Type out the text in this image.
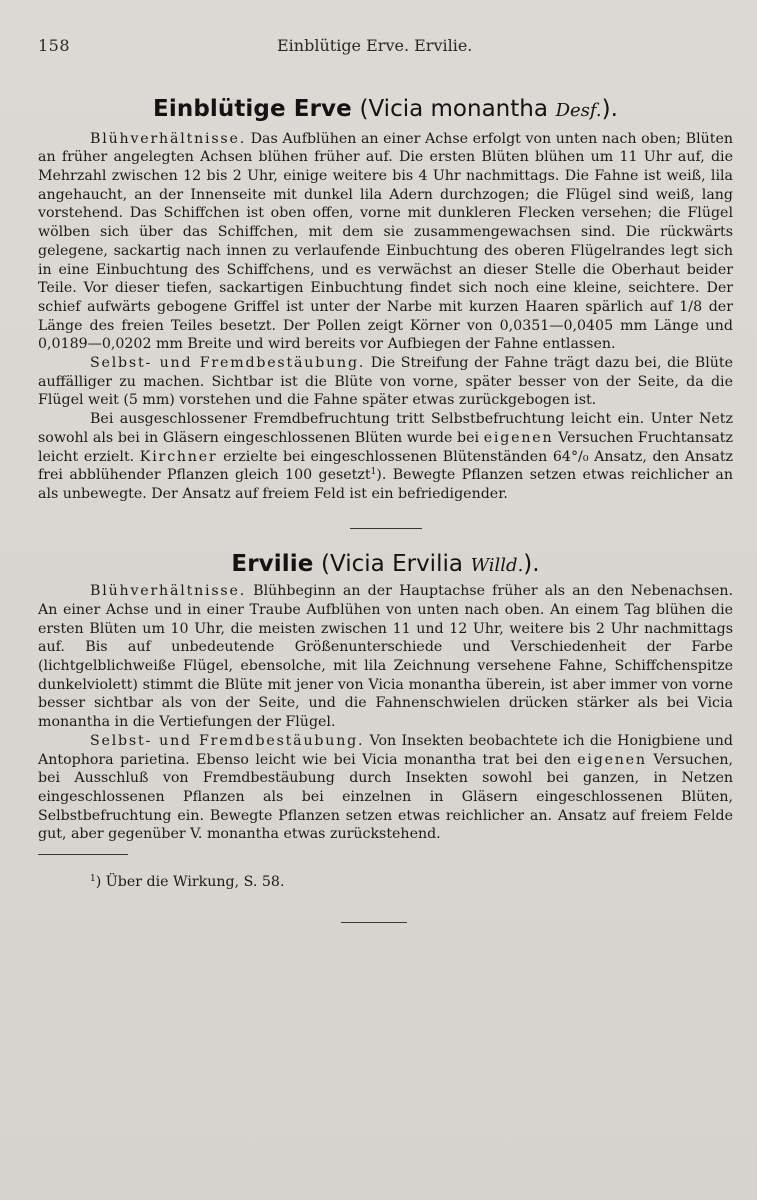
158	Einblütige Erve. Ervilie.
Einblütige Erve (Vicia monantha Desf.).

Blühverhältnisse. Das Aufblühen an einer Achse erfolgt von unten nach oben; Blüten an früher angelegten Achsen blühen früher auf. Die ersten Blüten blühen um 11 Uhr auf, die Mehrzahl zwischen 12 bis 2 Uhr, einige weitere bis 4 Uhr nachmittags. Die Fahne ist weiß, lila angehaucht, an der Innenseite mit dunkel lila Adern durchzogen; die Flügel sind weiß, lang vorstehend. Das Schiffchen ist oben offen, vorne mit dunkleren Flecken versehen; die Flügel wölben sich über das Schiffchen, mit dem sie zusammengewachsen sind. Die rückwärts gelegene, sackartig nach innen zu verlaufende Einbuchtung des oberen Flügelrandes legt sich in eine Einbuchtung des Schiffchens, und es verwächst an dieser Stelle die Oberhaut beider Teile. Vor dieser tiefen, sackartigen Einbuchtung findet sich noch eine kleine, seichtere. Der schief aufwärts gebogene Griffel ist unter der Narbe mit kurzen Haaren spärlich auf 1/8 der Länge des freien Teiles besetzt. Der Pollen zeigt Körner von 0,0351—0,0405 mm Länge und 0,0189—0,0202 mm Breite und wird bereits vor Aufbiegen der Fahne entlassen.

Selbst- und Fremdbestäubung. Die Streifung der Fahne trägt dazu bei, die Blüte auffälliger zu machen. Sichtbar ist die Blüte von vorne, später besser von der Seite, da die Flügel weit (5 mm) vorstehen und die Fahne später etwas zurückgebogen ist.

Bei ausgeschlossener Fremdbefruchtung tritt Selbstbefruchtung leicht ein. Unter Netz sowohl als bei in Gläsern eingeschlossenen Blüten wurde bei eigenen Versuchen Fruchtansatz leicht erzielt. Kirchner erzielte bei eingeschlossenen Blütenständen 64°/₀ Ansatz, den Ansatz frei abblühender Pflanzen gleich 100 gesetzt$^1$). Bewegte Pflanzen setzen etwas reichlicher an als unbewegte. Der Ansatz auf freiem Feld ist ein befriedigender.

Ervilie (Vicia Ervilia Willd.).

Blühverhältnisse. Blühbeginn an der Hauptachse früher als an den Nebenachsen. An einer Achse und in einer Traube Aufblühen von unten nach oben. An einem Tag blühen die ersten Blüten um 10 Uhr, die meisten zwischen 11 und 12 Uhr, weitere bis 2 Uhr nachmittags auf. Bis auf unbedeutende Größenunterschiede und Verschiedenheit der Farbe (lichtgelblichweiße Flügel, ebensolche, mit lila Zeichnung versehene Fahne, Schiffchenspitze dunkelviolett) stimmt die Blüte mit jener von Vicia monantha überein, ist aber immer von vorne besser sichtbar als von der Seite, und die Fahnenschwielen drücken stärker als bei Vicia monantha in die Vertiefungen der Flügel.

Selbst- und Fremdbestäubung. Von Insekten beobachtete ich die Honigbiene und Antophora parietina. Ebenso leicht wie bei Vicia monantha trat bei den eigenen Versuchen, bei Ausschluß von Fremdbestäubung durch Insekten sowohl bei ganzen, in Netzen eingeschlossenen Pflanzen als bei einzelnen in Gläsern eingeschlossenen Blüten, Selbstbefruchtung ein. Bewegte Pflanzen setzen etwas reichlicher an. Ansatz auf freiem Felde gut, aber gegenüber V. monantha etwas zurückstehend.

$^1$) Über die Wirkung, S. 58.
